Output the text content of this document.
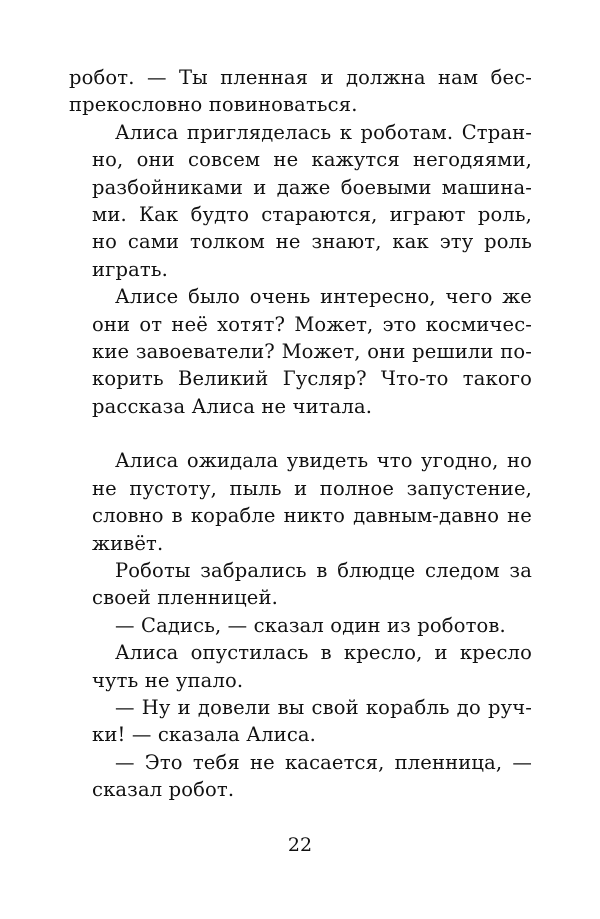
робот. — Ты пленная и должна нам бес-
прекословно повиноваться.

Алиса пригляделась к роботам. Стран-
но, они совсем не кажутся негодяями,
разбойниками и даже боевыми машина-
ми. Как будто стараются, играют роль,
но сами толком не знают, как эту роль
играть.

Алисе было очень интересно, чего же
они от неё хотят? Может, это космичес-
кие завоеватели? Может, они решили по-
корить Великий Гусляр? Что-то такого
рассказа Алиса не читала.

Алиса ожидала увидеть что угодно, но
не пустоту, пыль и полное запустение,
словно в корабле никто давным-давно не
живёт.

Роботы забрались в блюдце следом за
своей пленницей.

— Садись, — сказал один из роботов.

Алиса опустилась в кресло, и кресло
чуть не упало.

— Ну и довели вы свой корабль до руч-
ки! — сказала Алиса.

— Это тебя не касается, пленница, —
сказал робот.

22
